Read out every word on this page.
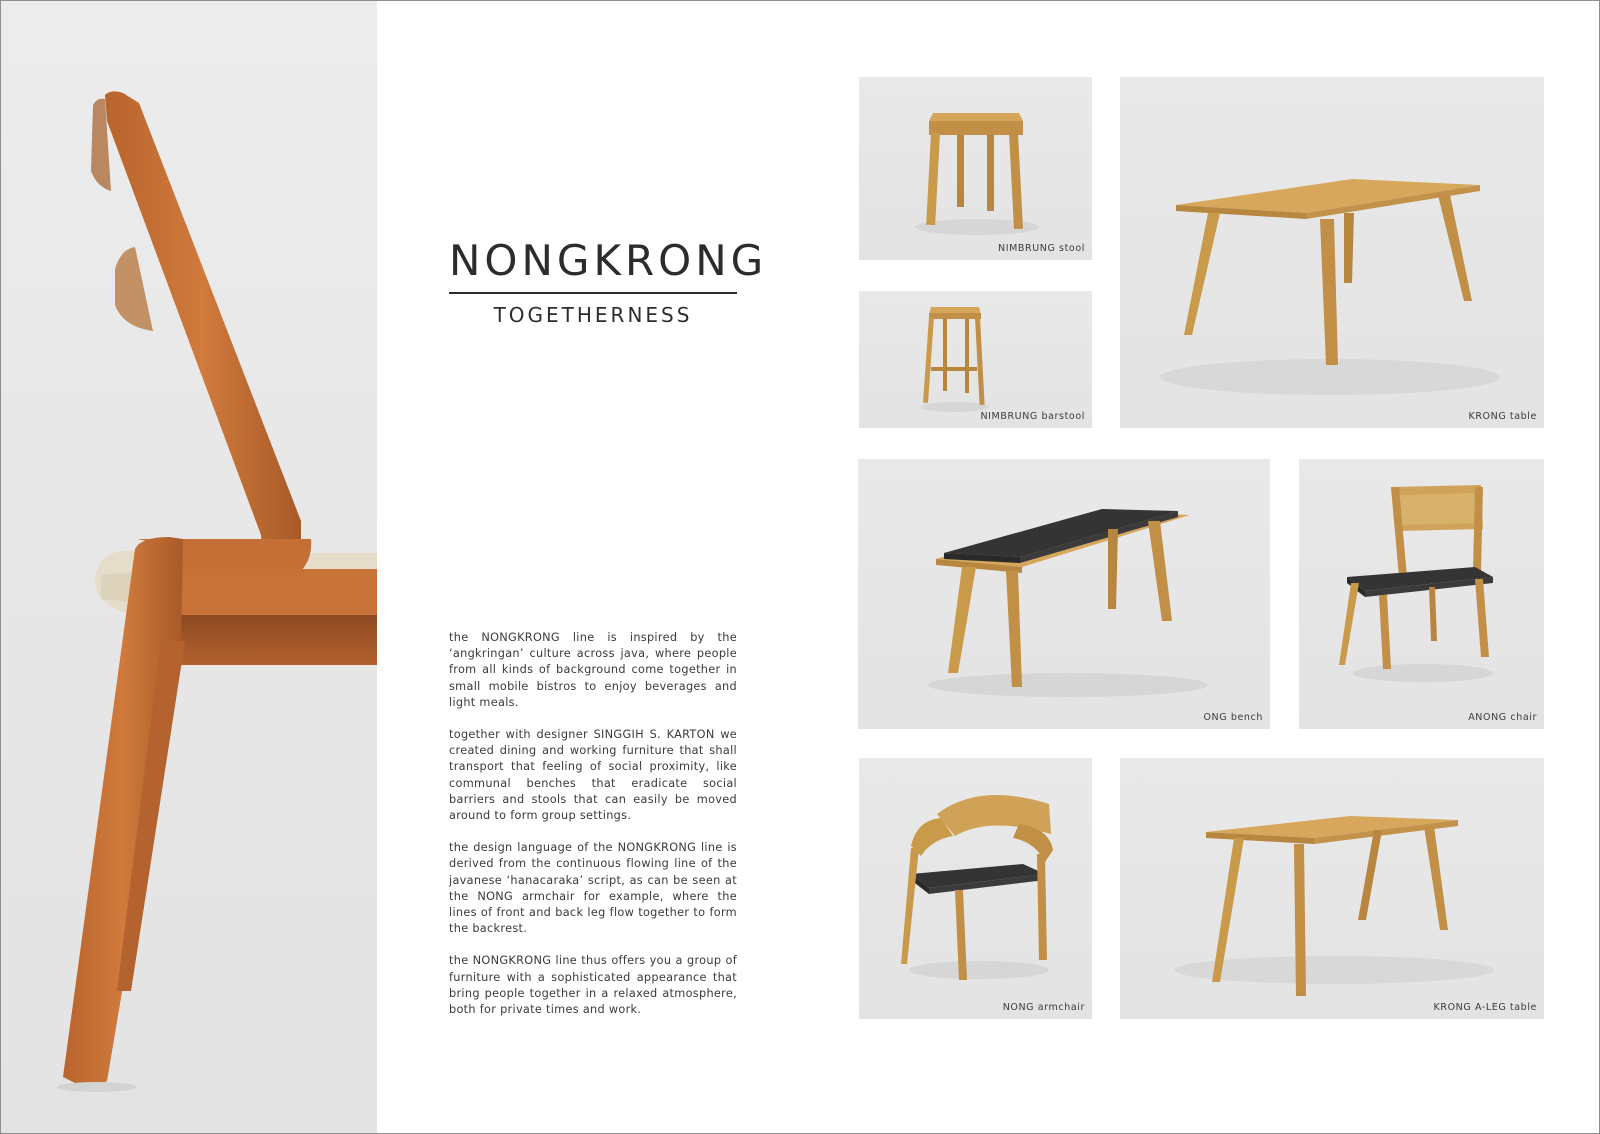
NONGKRONG

TOGETHERNESS

the NONGKRONG line is inspired by the ‘angkringan’ culture across java, where people from all kinds of background come together in small mobile bistros to enjoy beverages and light meals.

together with designer SINGGIH S. KARTON we created dining and working furniture that shall transport that feeling of social proximity, like communal benches that eradicate social barriers and stools that can easily be moved around to form group settings.

the design language of the NONGKRONG line is derived from the continuous flowing line of the javanese ‘hanacaraka’ script, as can be seen at the NONG armchair for example, where the lines of front and back leg flow together to form the backrest.

the NONGKRONG line thus offers you a group of furniture with a sophisticated appearance that bring people together in a relaxed atmosphere, both for private times and work.

NIMBRUNG stool
NIMBRUNG barstool	KRONG table
ONG bench	ANONG chair
NONG armchair	KRONG A-LEG table
